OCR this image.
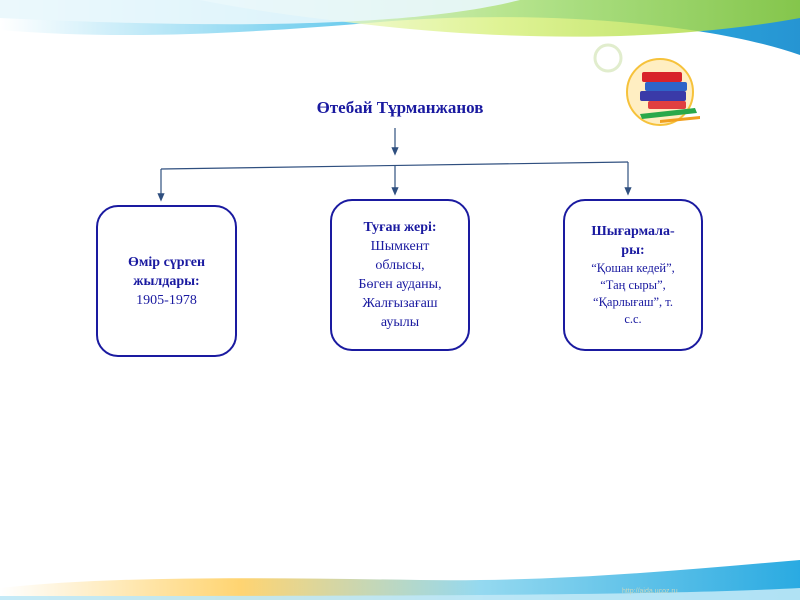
Өтебай Тұрманжанов
Өмір сүрген
жылдары:
1905-1978
Туған жері:
Шымкент
облысы,
Бөген ауданы,
Жалғызағаш
ауылы
Шығармала-
ры:
“Қошан кедей”,
“Таң сыры”,
“Қарлығаш”, т.
с.с.
http://aida.ucoz.ru
